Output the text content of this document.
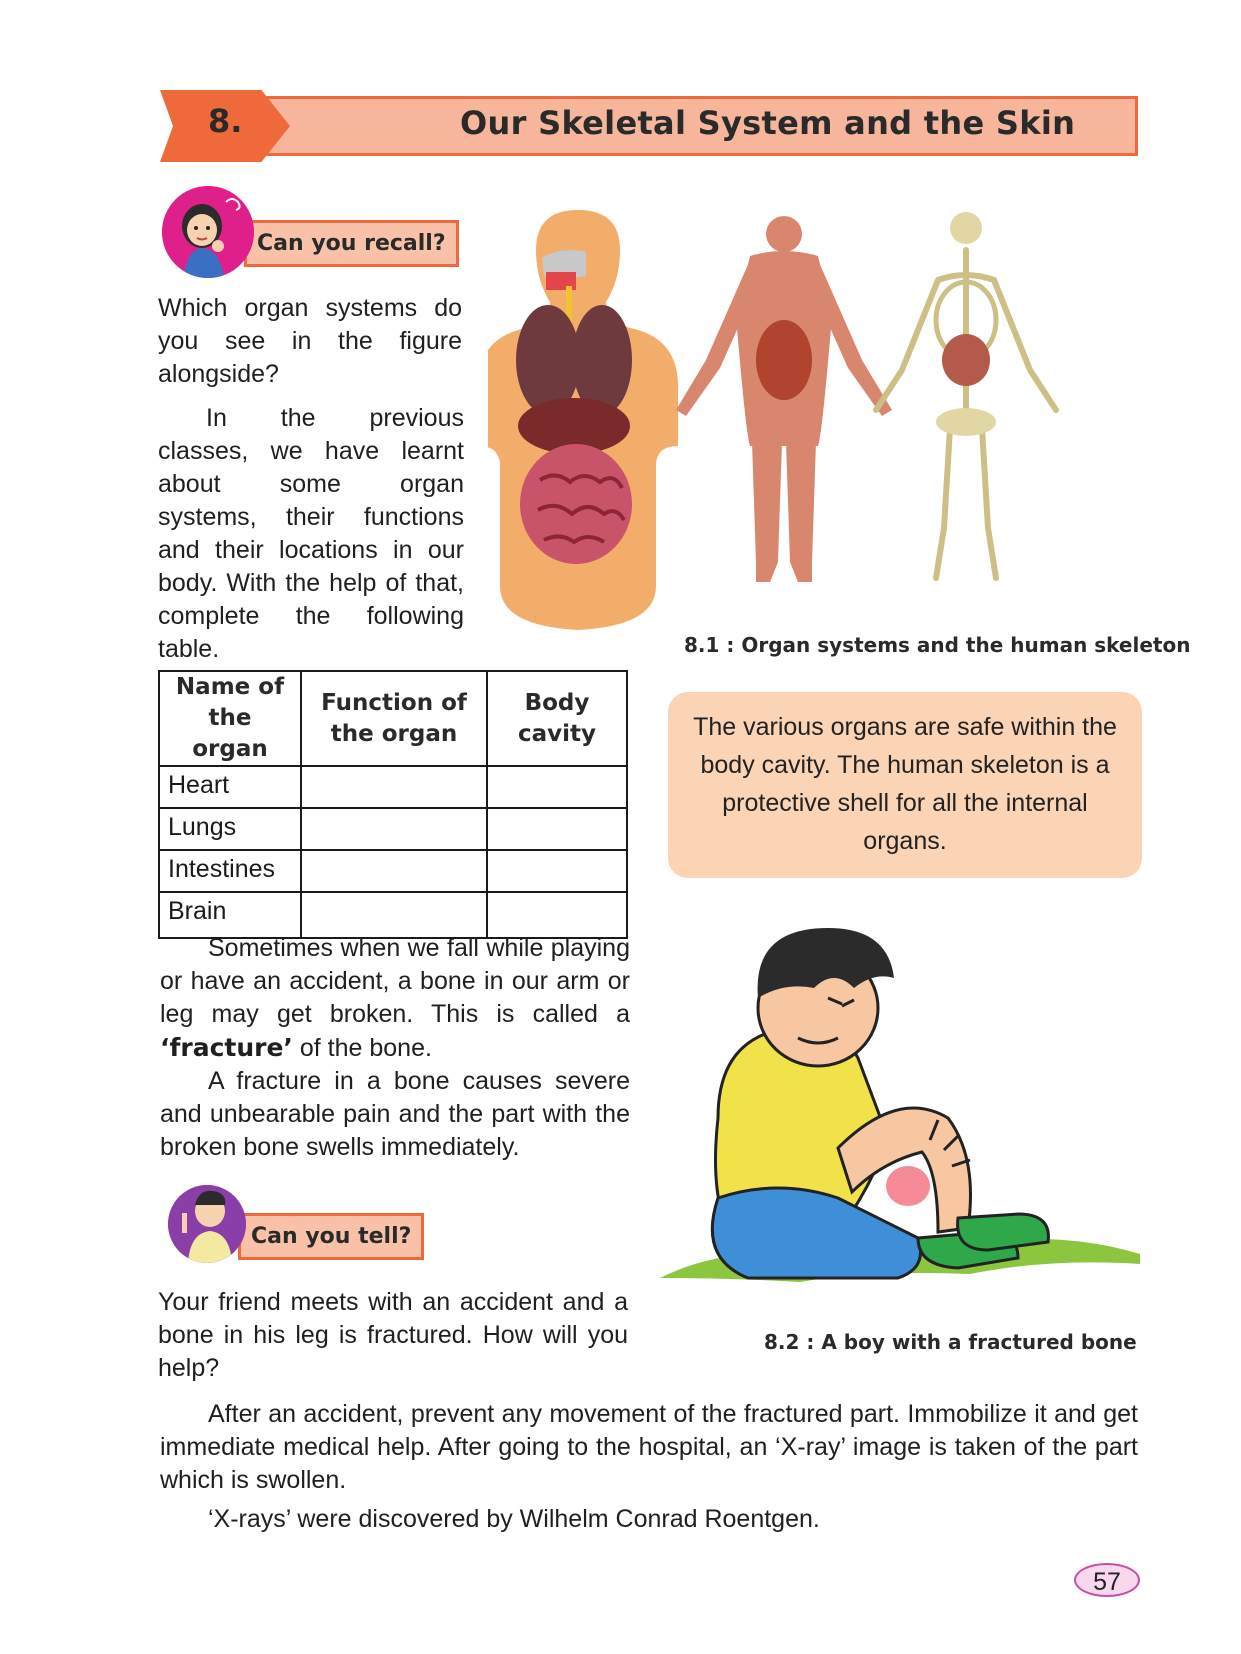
8.	Our Skeletal System and the Skin
Can you recall?

Which organ systems do you see in the figure alongside?

In the previous classes, we have learnt about some organ systems, their functions and their locations in our body. With the help of that, complete the following table.	8.1 : Organ systems and the human skeleton
Name of the organ	Function of the organ	Body cavity
Heart		
Lungs		
Intestines		
Brain		
The various organs are safe within the body cavity. The human skeleton is a protective shell for all the internal organs.

Sometimes when we fall while playing or have an accident, a bone in our arm or leg may get broken. This is called a ‘fracture’ of the bone.

A fracture in a bone causes severe and unbearable pain and the part with the broken bone swells immediately.

8.2 : A boy with a fractured bone
Can you tell?

Your friend meets with an accident and a bone in his leg is fractured. How will you help?

After an accident, prevent any movement of the fractured part. Immobilize it and get immediate medical help. After going to the hospital, an ‘X-ray’ image is taken of the part which is swollen.

‘X-rays’ were discovered by Wilhelm Conrad Roentgen.

57
